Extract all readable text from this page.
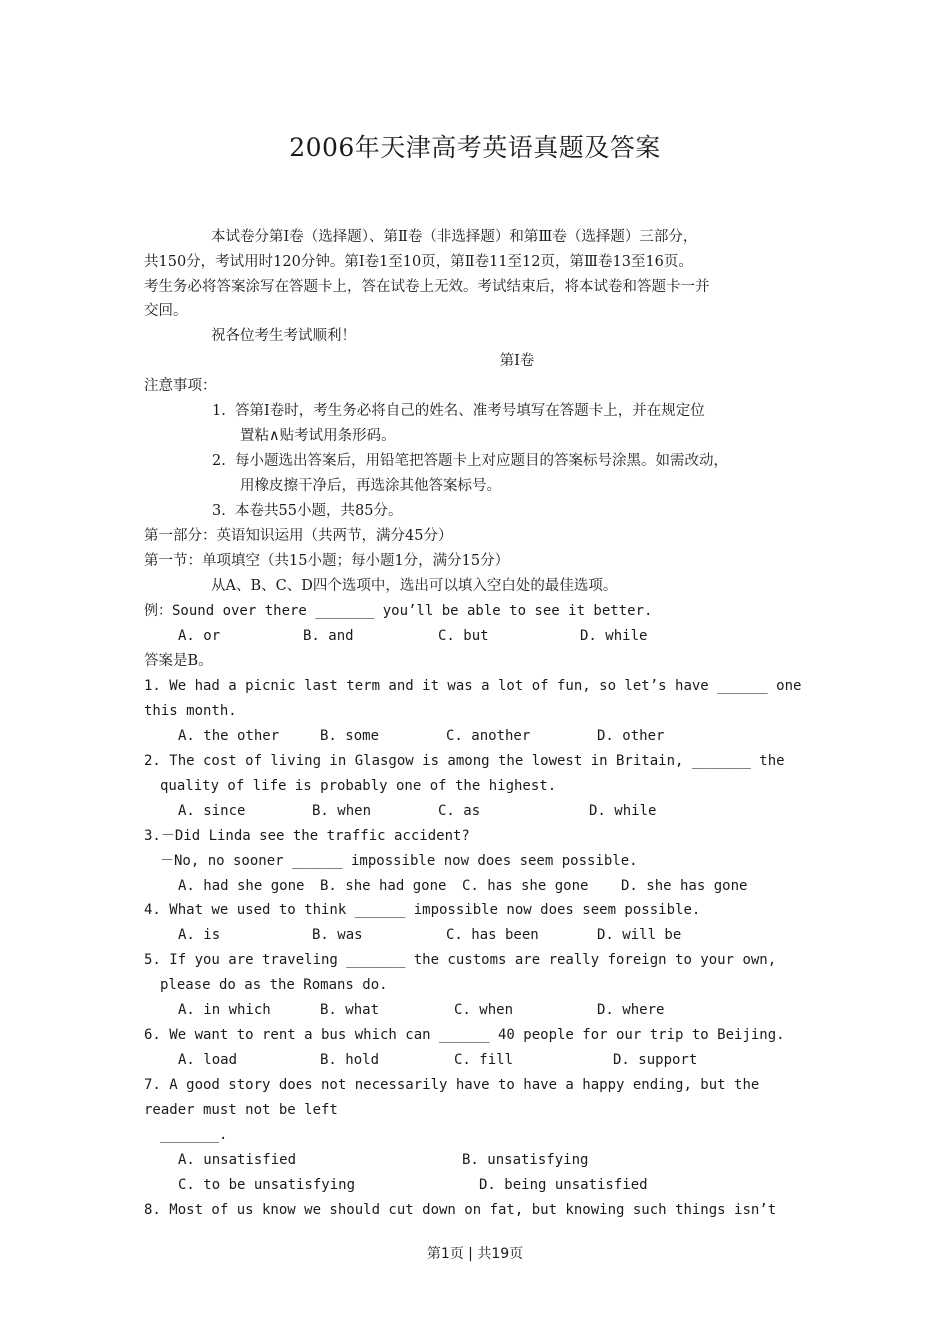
2006年天津高考英语真题及答案
本试卷分第Ⅰ卷（选择题）、第Ⅱ卷（非选择题）和第Ⅲ卷（选择题）三部分，
共150分，考试用时120分钟。第Ⅰ卷1至10页，第Ⅱ卷11至12页，第Ⅲ卷13至16页。
考生务必将答案涂写在答题卡上，答在试卷上无效。考试结束后，将本试卷和答题卡一并
交回。
祝各位考生考试顺利！
第Ⅰ卷
注意事项：
1.  答第Ⅰ卷时，考生务必将自己的姓名、准考号填写在答题卡上，并在规定位
置粘∧贴考试用条形码。
2.  每小题选出答案后，用铅笔把答题卡上对应题目的答案标号涂黑。如需改动，
用橡皮擦干净后，再选涂其他答案标号。
3.  本卷共55小题，共85分。
第一部分：英语知识运用（共两节，满分45分）
第一节：单项填空（共15小题；每小题1分，满分15分）
从A、B、C、D四个选项中，选出可以填入空白处的最佳选项。
例：Sound over there _______ you’ll be able to see it better.
A. or	B. and	C. but	D. while
答案是B。
1. We had a picnic last term and it was a lot of fun, so let’s have ______ one
this month.
A. the other	B. some	C. another	D. other
2. The cost of living in Glasgow is among the lowest in Britain, _______ the
quality of life is probably one of the highest.
A. since	B. when	C. as	D. while
3.－Did Linda see the traffic accident?
－No, no sooner ______ impossible now does seem possible.
A. had she gone B. she had gone C. has she gone D. she has gone
4. What we used to think ______ impossible now does seem possible.
A. is	B. was	C. has been	D. will be
5. If you are traveling _______ the customs are really foreign to your own,
please do as the Romans do.
A. in which	B. what	C. when	D. where
6. We want to rent a bus which can ______ 40 people for our trip to Beijing.
A. load	B. hold	C. fill	D. support
7. A good story does not necessarily have to have a happy ending, but the
reader must not be left
_______.
A. unsatisfied	B. unsatisfying
C. to be unsatisfying	D. being unsatisfied
8. Most of us know we should cut down on fat, but knowing such things isn’t
第1页 | 共19页
